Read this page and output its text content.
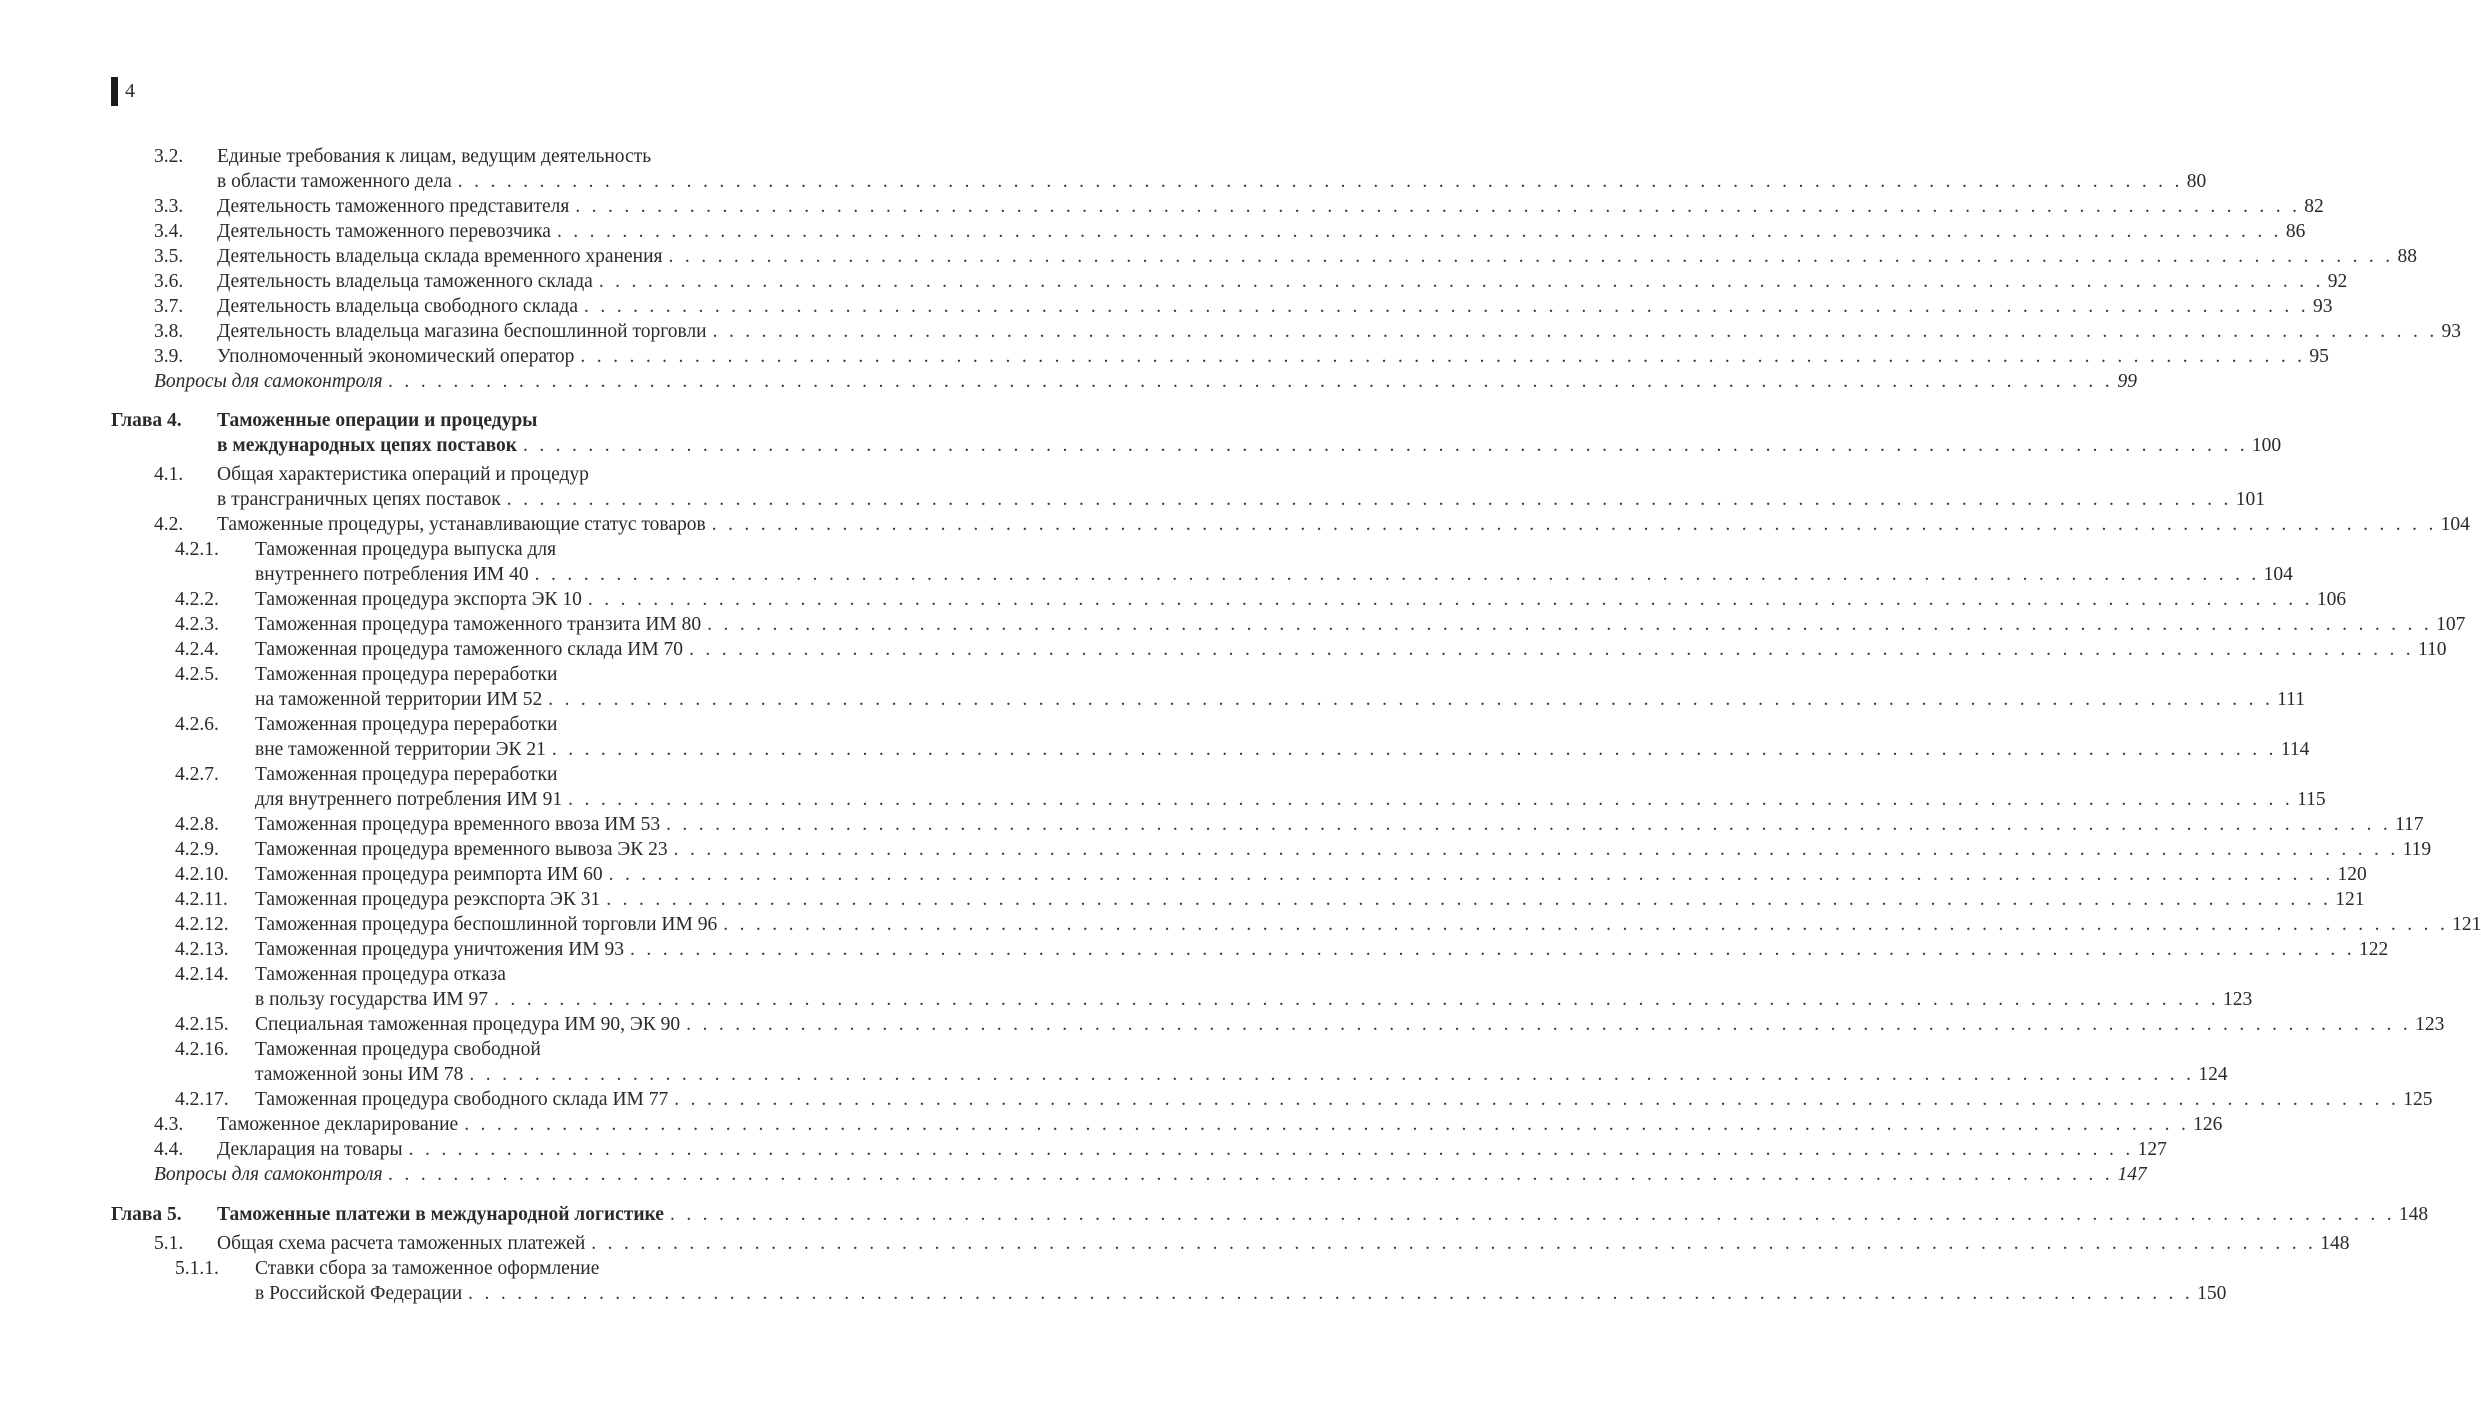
4
3.2. Единые требования к лицам, ведущим деятельность
в области таможенного дела . . . . . . . . . . . . . . . . . . . . . . . . . . . . . . . . . . . . . . . . . . . . . . . . . . . . . . . . . . . . . . . . . . . . . . . . . . . . . . . . . . . . . . . . . . . . . . . . . . . . . . . . . . 80
3.3. Деятельность таможенного представителя . . . . . . . . . . . . . . . . . . . . . . . . . . . . . . . . . . . . . . . . . . . . . . . . . . . . . . . . . . . . . . . . . . . . . . . . . . . . . . . . . . . . . . . . . . . . . . . . . . . . . . . . . . 82
3.4. Деятельность таможенного перевозчика . . . . . . . . . . . . . . . . . . . . . . . . . . . . . . . . . . . . . . . . . . . . . . . . . . . . . . . . . . . . . . . . . . . . . . . . . . . . . . . . . . . . . . . . . . . . . . . . . . . . . . . . . . 86
3.5. Деятельность владельца склада временного хранения . . . . . . . . . . . . . . . . . . . . . . . . . . . . . . . . . . . . . . . . . . . . . . . . . . . . . . . . . . . . . . . . . . . . . . . . . . . . . . . . . . . . . . . . . . . . . . . . . . . . . . . . . . 88
3.6. Деятельность владельца таможенного склада . . . . . . . . . . . . . . . . . . . . . . . . . . . . . . . . . . . . . . . . . . . . . . . . . . . . . . . . . . . . . . . . . . . . . . . . . . . . . . . . . . . . . . . . . . . . . . . . . . . . . . . . . . 92
3.7. Деятельность владельца свободного склада . . . . . . . . . . . . . . . . . . . . . . . . . . . . . . . . . . . . . . . . . . . . . . . . . . . . . . . . . . . . . . . . . . . . . . . . . . . . . . . . . . . . . . . . . . . . . . . . . . . . . . . . . . 93
3.8. Деятельность владельца магазина беспошлинной торговли . . . . . . . . . . . . . . . . . . . . . . . . . . . . . . . . . . . . . . . . . . . . . . . . . . . . . . . . . . . . . . . . . . . . . . . . . . . . . . . . . . . . . . . . . . . . . . . . . . . . . . . . . . 93
3.9. Уполномоченный экономический оператор . . . . . . . . . . . . . . . . . . . . . . . . . . . . . . . . . . . . . . . . . . . . . . . . . . . . . . . . . . . . . . . . . . . . . . . . . . . . . . . . . . . . . . . . . . . . . . . . . . . . . . . . . . 95
Вопросы для самоконтроля . . . . . . . . . . . . . . . . . . . . . . . . . . . . . . . . . . . . . . . . . . . . . . . . . . . . . . . . . . . . . . . . . . . . . . . . . . . . . . . . . . . . . . . . . . . . . . . . . . . . . . . . . . 99
Глава 4. Таможенные операции и процедуры
в международных цепях поставок . . . . . . . . . . . . . . . . . . . . . . . . . . . . . . . . . . . . . . . . . . . . . . . . . . . . . . . . . . . . . . . . . . . . . . . . . . . . . . . . . . . . . . . . . . . . . . . . . . . . . . . . . . 100
4.1. Общая характеристика операций и процедур
в трансграничных цепях поставок . . . . . . . . . . . . . . . . . . . . . . . . . . . . . . . . . . . . . . . . . . . . . . . . . . . . . . . . . . . . . . . . . . . . . . . . . . . . . . . . . . . . . . . . . . . . . . . . . . . . . . . . . . 101
4.2. Таможенные процедуры, устанавливающие статус товаров . . . . . . . . . . . . . . . . . . . . . . . . . . . . . . . . . . . . . . . . . . . . . . . . . . . . . . . . . . . . . . . . . . . . . . . . . . . . . . . . . . . . . . . . . . . . . . . . . . . . . . . . . . 104
4.2.1. Таможенная процедура выпуска для
внутреннего потребления ИМ 40 . . . . . . . . . . . . . . . . . . . . . . . . . . . . . . . . . . . . . . . . . . . . . . . . . . . . . . . . . . . . . . . . . . . . . . . . . . . . . . . . . . . . . . . . . . . . . . . . . . . . . . . . . . 104
4.2.2. Таможенная процедура экспорта ЭК 10 . . . . . . . . . . . . . . . . . . . . . . . . . . . . . . . . . . . . . . . . . . . . . . . . . . . . . . . . . . . . . . . . . . . . . . . . . . . . . . . . . . . . . . . . . . . . . . . . . . . . . . . . . . 106
4.2.3. Таможенная процедура таможенного транзита ИМ 80 . . . . . . . . . . . . . . . . . . . . . . . . . . . . . . . . . . . . . . . . . . . . . . . . . . . . . . . . . . . . . . . . . . . . . . . . . . . . . . . . . . . . . . . . . . . . . . . . . . . . . . . . . . 107
4.2.4. Таможенная процедура таможенного склада ИМ 70 . . . . . . . . . . . . . . . . . . . . . . . . . . . . . . . . . . . . . . . . . . . . . . . . . . . . . . . . . . . . . . . . . . . . . . . . . . . . . . . . . . . . . . . . . . . . . . . . . . . . . . . . . . 110
4.2.5. Таможенная процедура переработки
на таможенной территории ИМ 52 . . . . . . . . . . . . . . . . . . . . . . . . . . . . . . . . . . . . . . . . . . . . . . . . . . . . . . . . . . . . . . . . . . . . . . . . . . . . . . . . . . . . . . . . . . . . . . . . . . . . . . . . . . 111
4.2.6. Таможенная процедура переработки
вне таможенной территории ЭК 21 . . . . . . . . . . . . . . . . . . . . . . . . . . . . . . . . . . . . . . . . . . . . . . . . . . . . . . . . . . . . . . . . . . . . . . . . . . . . . . . . . . . . . . . . . . . . . . . . . . . . . . . . . . 114
4.2.7. Таможенная процедура переработки
для внутреннего потребления ИМ 91 . . . . . . . . . . . . . . . . . . . . . . . . . . . . . . . . . . . . . . . . . . . . . . . . . . . . . . . . . . . . . . . . . . . . . . . . . . . . . . . . . . . . . . . . . . . . . . . . . . . . . . . . . . 115
4.2.8. Таможенная процедура временного ввоза ИМ 53 . . . . . . . . . . . . . . . . . . . . . . . . . . . . . . . . . . . . . . . . . . . . . . . . . . . . . . . . . . . . . . . . . . . . . . . . . . . . . . . . . . . . . . . . . . . . . . . . . . . . . . . . . . 117
4.2.9. Таможенная процедура временного вывоза ЭК 23 . . . . . . . . . . . . . . . . . . . . . . . . . . . . . . . . . . . . . . . . . . . . . . . . . . . . . . . . . . . . . . . . . . . . . . . . . . . . . . . . . . . . . . . . . . . . . . . . . . . . . . . . . . 119
4.2.10. Таможенная процедура реимпорта ИМ 60 . . . . . . . . . . . . . . . . . . . . . . . . . . . . . . . . . . . . . . . . . . . . . . . . . . . . . . . . . . . . . . . . . . . . . . . . . . . . . . . . . . . . . . . . . . . . . . . . . . . . . . . . . . 120
4.2.11. Таможенная процедура реэкспорта ЭК 31 . . . . . . . . . . . . . . . . . . . . . . . . . . . . . . . . . . . . . . . . . . . . . . . . . . . . . . . . . . . . . . . . . . . . . . . . . . . . . . . . . . . . . . . . . . . . . . . . . . . . . . . . . . 121
4.2.12. Таможенная процедура беспошлинной торговли ИМ 96 . . . . . . . . . . . . . . . . . . . . . . . . . . . . . . . . . . . . . . . . . . . . . . . . . . . . . . . . . . . . . . . . . . . . . . . . . . . . . . . . . . . . . . . . . . . . . . . . . . . . . . . . . . 121
4.2.13. Таможенная процедура уничтожения ИМ 93 . . . . . . . . . . . . . . . . . . . . . . . . . . . . . . . . . . . . . . . . . . . . . . . . . . . . . . . . . . . . . . . . . . . . . . . . . . . . . . . . . . . . . . . . . . . . . . . . . . . . . . . . . . 122
4.2.14. Таможенная процедура отказа
в пользу государства ИМ 97 . . . . . . . . . . . . . . . . . . . . . . . . . . . . . . . . . . . . . . . . . . . . . . . . . . . . . . . . . . . . . . . . . . . . . . . . . . . . . . . . . . . . . . . . . . . . . . . . . . . . . . . . . . 123
4.2.15. Специальная таможенная процедура ИМ 90, ЭК 90 . . . . . . . . . . . . . . . . . . . . . . . . . . . . . . . . . . . . . . . . . . . . . . . . . . . . . . . . . . . . . . . . . . . . . . . . . . . . . . . . . . . . . . . . . . . . . . . . . . . . . . . . . . 123
4.2.16. Таможенная процедура свободной
таможенной зоны ИМ 78 . . . . . . . . . . . . . . . . . . . . . . . . . . . . . . . . . . . . . . . . . . . . . . . . . . . . . . . . . . . . . . . . . . . . . . . . . . . . . . . . . . . . . . . . . . . . . . . . . . . . . . . . . . 124
4.2.17. Таможенная процедура свободного склада ИМ 77 . . . . . . . . . . . . . . . . . . . . . . . . . . . . . . . . . . . . . . . . . . . . . . . . . . . . . . . . . . . . . . . . . . . . . . . . . . . . . . . . . . . . . . . . . . . . . . . . . . . . . . . . . . 125
4.3. Таможенное декларирование . . . . . . . . . . . . . . . . . . . . . . . . . . . . . . . . . . . . . . . . . . . . . . . . . . . . . . . . . . . . . . . . . . . . . . . . . . . . . . . . . . . . . . . . . . . . . . . . . . . . . . . . . . 126
4.4. Декларация на товары . . . . . . . . . . . . . . . . . . . . . . . . . . . . . . . . . . . . . . . . . . . . . . . . . . . . . . . . . . . . . . . . . . . . . . . . . . . . . . . . . . . . . . . . . . . . . . . . . . . . . . . . . . 127
Вопросы для самоконтроля . . . . . . . . . . . . . . . . . . . . . . . . . . . . . . . . . . . . . . . . . . . . . . . . . . . . . . . . . . . . . . . . . . . . . . . . . . . . . . . . . . . . . . . . . . . . . . . . . . . . . . . . . . 147
Глава 5. Таможенные платежи в международной логистике . . . . . . . . . . . . . . . . . . . . . . . . . . . . . . . . . . . . . . . . . . . . . . . . . . . . . . . . . . . . . . . . . . . . . . . . . . . . . . . . . . . . . . . . . . . . . . . . . . . . . . . . . . 148
5.1. Общая схема расчета таможенных платежей . . . . . . . . . . . . . . . . . . . . . . . . . . . . . . . . . . . . . . . . . . . . . . . . . . . . . . . . . . . . . . . . . . . . . . . . . . . . . . . . . . . . . . . . . . . . . . . . . . . . . . . . . . 148
5.1.1. Ставки сбора за таможенное оформление
в Российской Федерации . . . . . . . . . . . . . . . . . . . . . . . . . . . . . . . . . . . . . . . . . . . . . . . . . . . . . . . . . . . . . . . . . . . . . . . . . . . . . . . . . . . . . . . . . . . . . . . . . . . . . . . . . . 150
